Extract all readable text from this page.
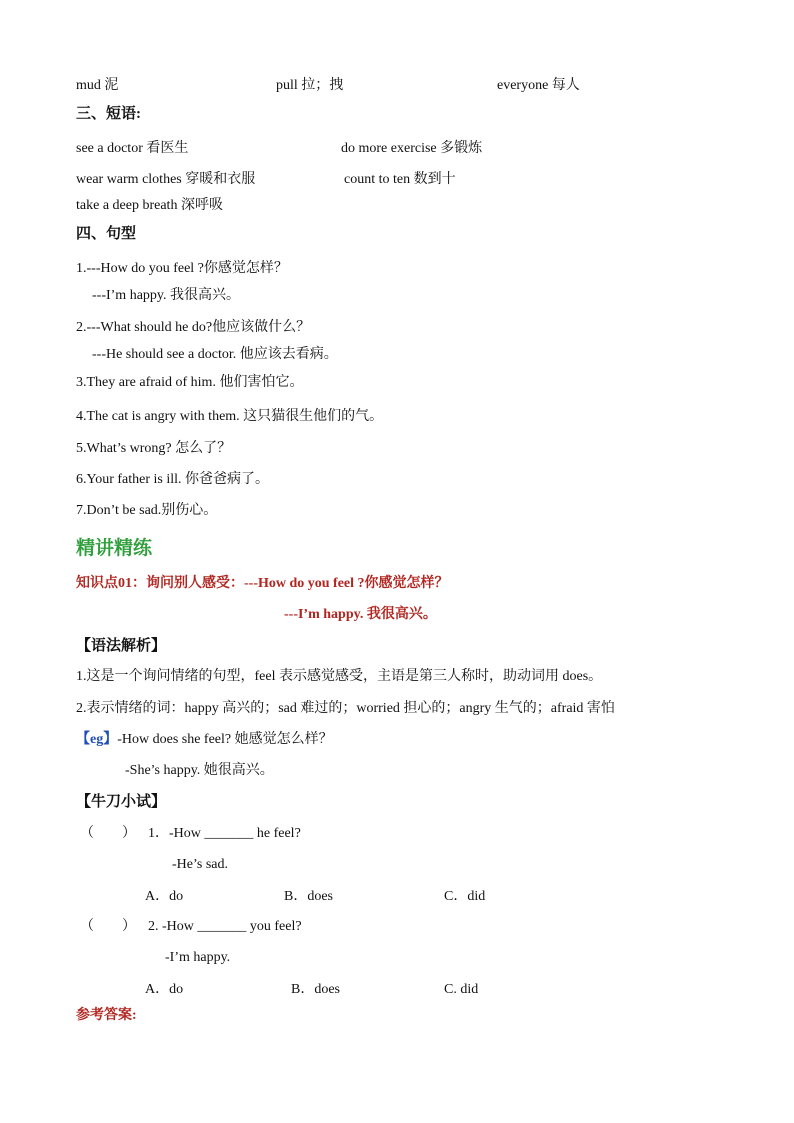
mud 泥	pull 拉；拽	everyone 每人
三、短语:
see a doctor 看医生	do more exercise 多锻炼
wear warm clothes 穿暖和衣服	count to ten 数到十
take a deep breath 深呼吸
四、句型
1.---How do you feel ?你感觉怎样？
---I’m happy. 我很高兴。
2.---What should he do?他应该做什么？
---He should see a doctor. 他应该去看病。
3.They are afraid of him. 他们害怕它。
4.The cat is angry with them. 这只猫很生他们的气。
5.What’s wrong? 怎么了？
6.Your father is ill. 你爸爸病了。
7.Don’t be sad.别伤心。
精讲精练
知识点01：询问别人感受：---How do you feel ?你感觉怎样？
---I’m happy. 我很高兴。
【语法解析】
1.这是一个询问情绪的句型，feel 表示感觉感受，主语是第三人称时，助动词用 does。
2.表示情绪的词：happy 高兴的；sad 难过的；worried 担心的；angry 生气的；afraid 害怕
【eg】-How does she feel? 她感觉怎么样？
-She’s happy. 她很高兴。
【牛刀小试】
（　　） 1．-How _______ he feel?
-He’s sad.
A．do	B．does	C．did
（　　） 2. -How _______ you feel?
-I’m happy.
A．do	B．does	C. did
参考答案:
